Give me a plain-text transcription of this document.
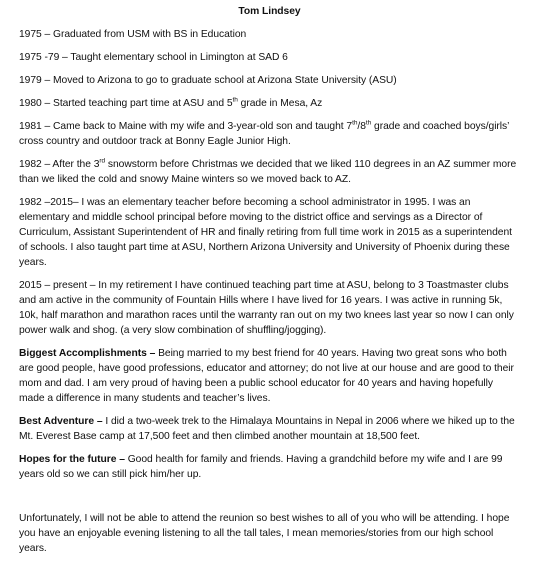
Tom Lindsey

1975 – Graduated from USM with BS in Education

1975 -79 – Taught elementary school in Limington at SAD 6

1979 – Moved to Arizona to go to graduate school at Arizona State University (ASU)

1980 – Started teaching part time at ASU and 5th grade in Mesa, Az

1981 – Came back to Maine with my wife and 3-year-old son and taught 7th/8th grade and coached boys/girls’ cross country and outdoor track at Bonny Eagle Junior High.

1982 – After the 3rd snowstorm before Christmas we decided that we liked 110 degrees in an AZ summer more than we liked the cold and snowy Maine winters so we moved back to AZ.

1982 –2015– I was an elementary teacher before becoming a school administrator in 1995. I was an elementary and middle school principal before moving to the district office and servings as a Director of Curriculum, Assistant Superintendent of HR and finally retiring from full time work in 2015 as a superintendent of schools. I also taught part time at ASU, Northern Arizona University and University of Phoenix during these years.

2015 – present – In my retirement I have continued teaching part time at ASU, belong to 3 Toastmaster clubs and am active in the community of Fountain Hills where I have lived for 16 years. I was active in running 5k, 10k, half marathon and marathon races until the warranty ran out on my two knees last year so now I can only power walk and shog. (a very slow combination of shuffling/jogging).

Biggest Accomplishments – Being married to my best friend for 40 years. Having two great sons who both are good people, have good professions, educator and attorney; do not live at our house and are good to their mom and dad. I am very proud of having been a public school educator for 40 years and having hopefully made a difference in many students and teacher’s lives.

Best Adventure – I did a two-week trek to the Himalaya Mountains in Nepal in 2006 where we hiked up to the Mt. Everest Base camp at 17,500 feet and then climbed another mountain at 18,500 feet.

Hopes for the future – Good health for family and friends. Having a grandchild before my wife and I are 99 years old so we can still pick him/her up.

Unfortunately, I will not be able to attend the reunion so best wishes to all of you who will be attending. I hope you have an enjoyable evening listening to all the tall tales, I mean memories/stories from our high school years.
